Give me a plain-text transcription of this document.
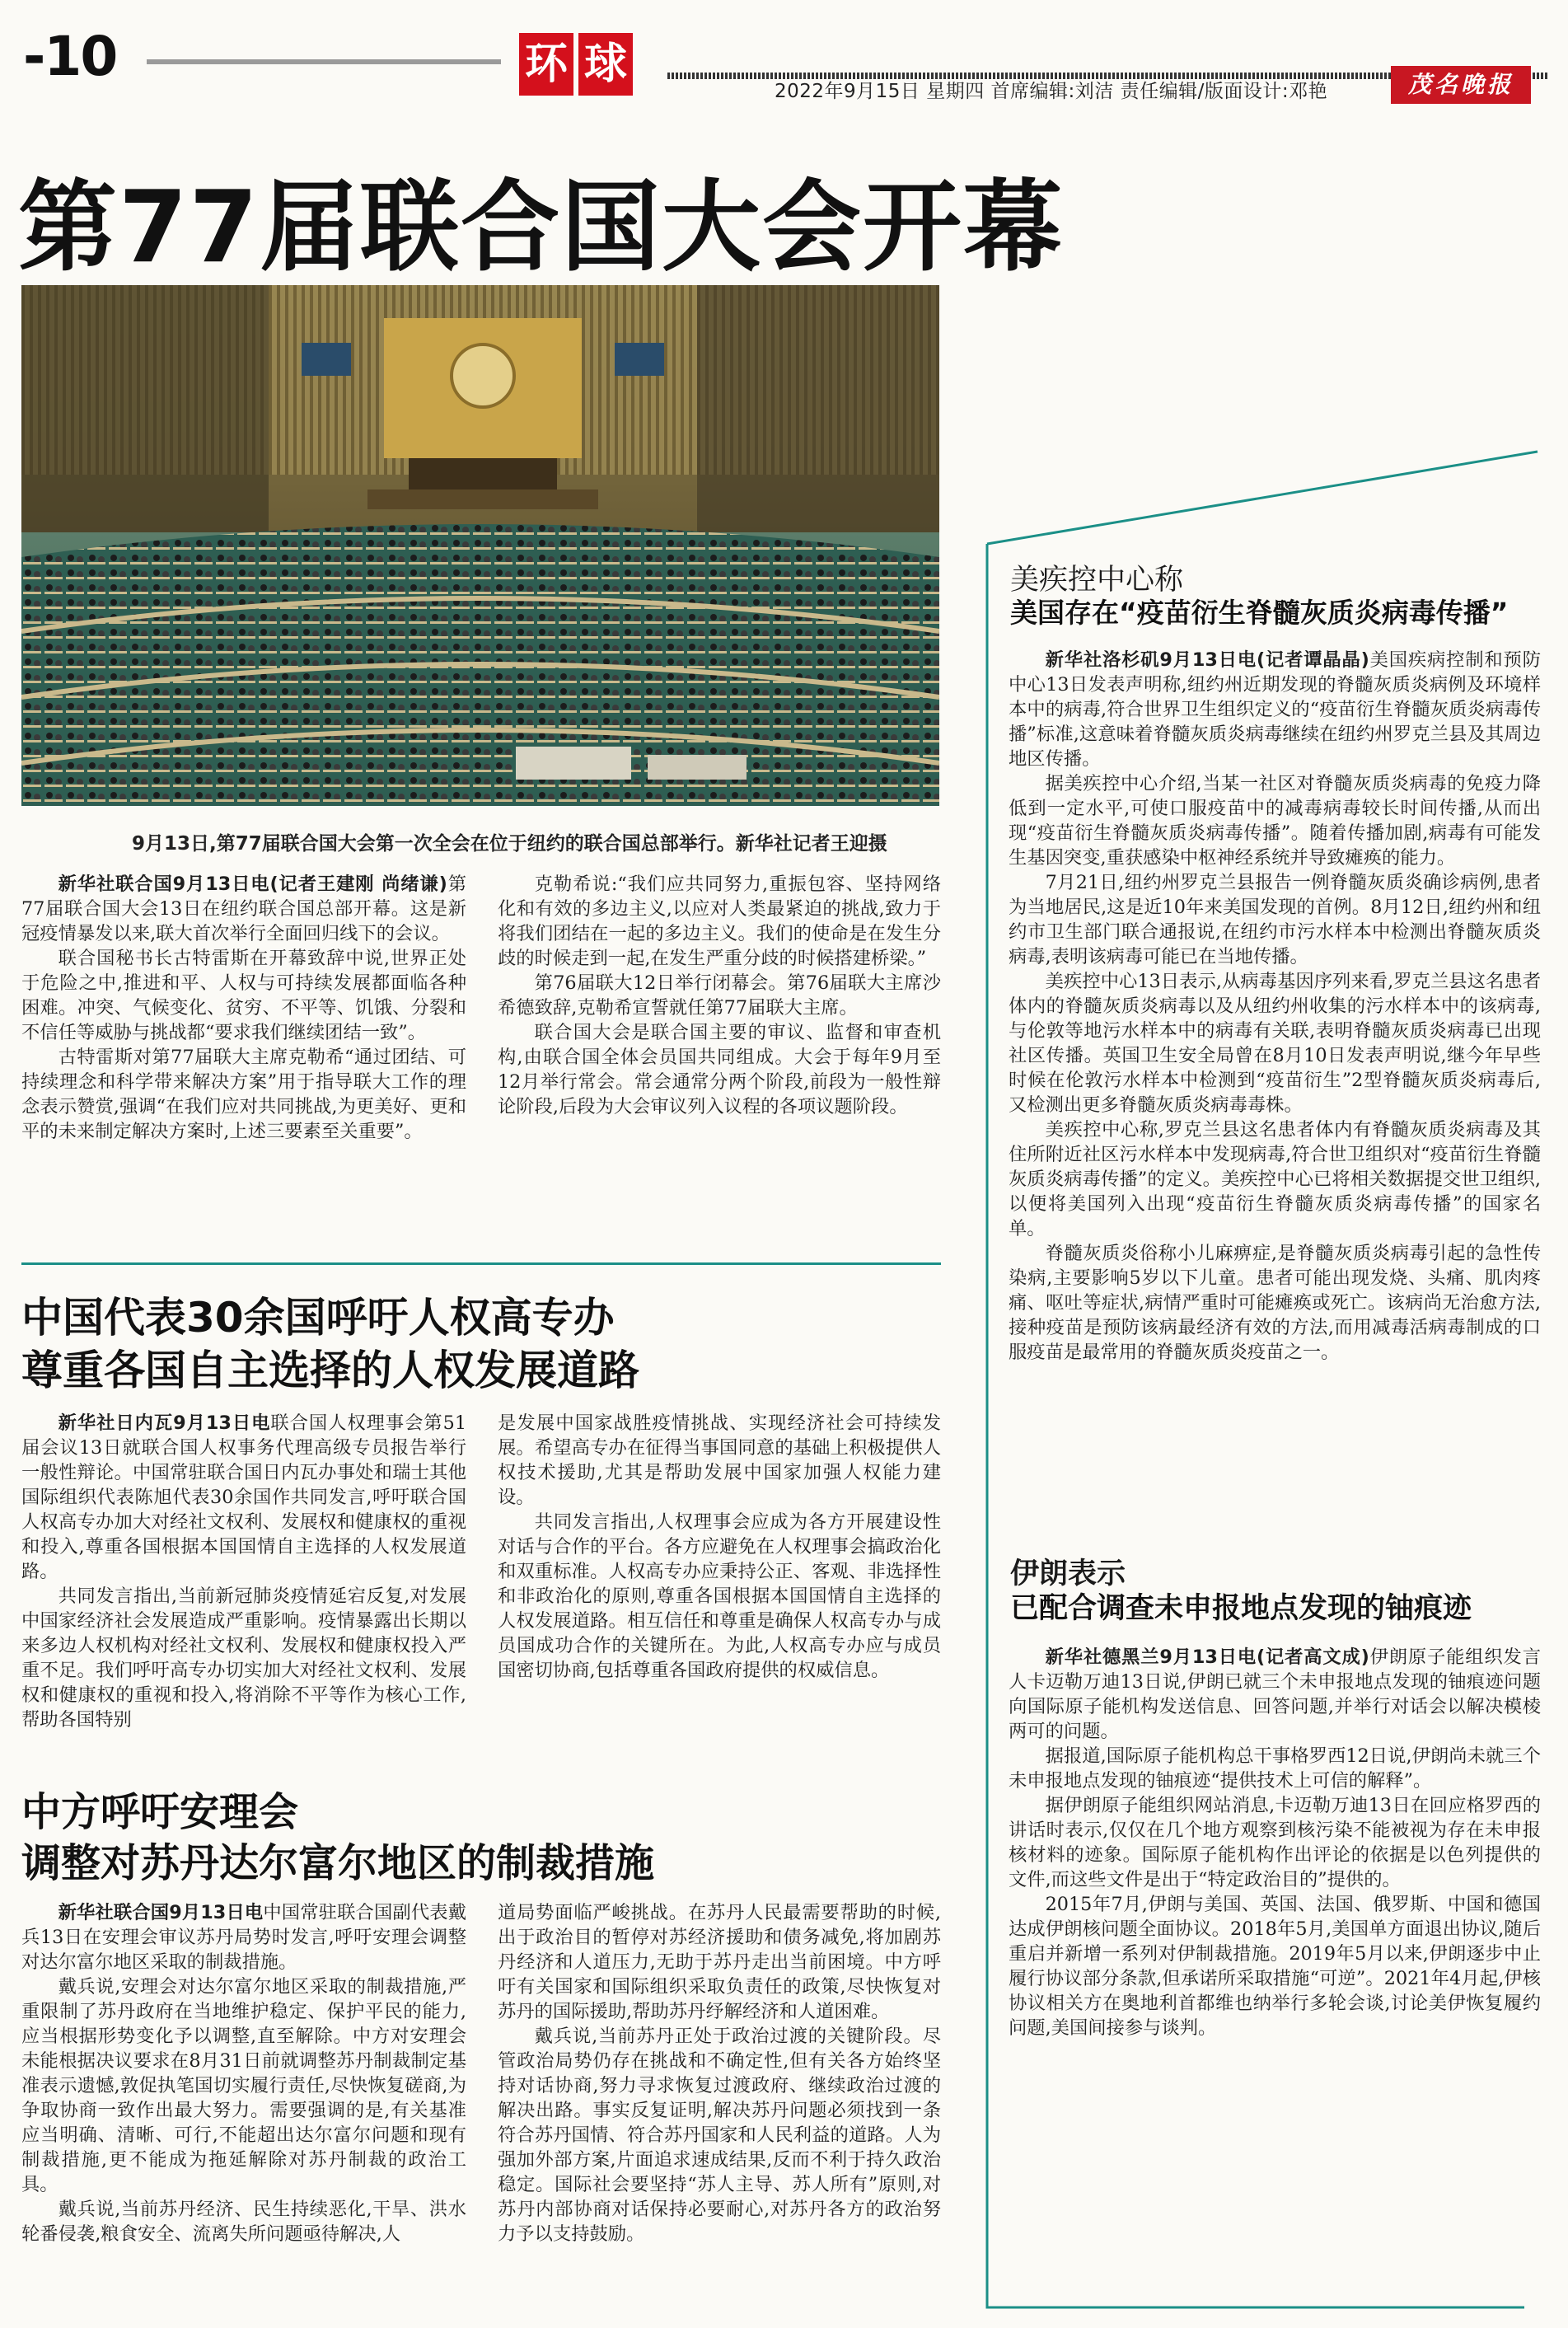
-10	环 球
2022年9月15日 星期四 首席编辑:刘洁 责任编辑/版面设计:邓艳	茂名晚报
第77届联合国大会开幕
9月13日,第77届联合国大会第一次全会在位于纽约的联合国总部举行。新华社记者王迎摄

新华社联合国9月13日电(记者王建刚 尚绪谦)第77届联合国大会13日在纽约联合国总部开幕。这是新冠疫情暴发以来,联大首次举行全面回归线下的会议。

联合国秘书长古特雷斯在开幕致辞中说,世界正处于危险之中,推进和平、人权与可持续发展都面临各种困难。冲突、气候变化、贫穷、不平等、饥饿、分裂和不信任等威胁与挑战都“要求我们继续团结一致”。

古特雷斯对第77届联大主席克勒希“通过团结、可持续理念和科学带来解决方案”用于指导联大工作的理念表示赞赏,强调“在我们应对共同挑战,为更美好、更和平的未来制定解决方案时,上述三要素至关重要”。

克勒希说:“我们应共同努力,重振包容、坚持网络化和有效的多边主义,以应对人类最紧迫的挑战,致力于将我们团结在一起的多边主义。我们的使命是在发生分歧的时候走到一起,在发生严重分歧的时候搭建桥梁。”

第76届联大12日举行闭幕会。第76届联大主席沙希德致辞,克勒希宣誓就任第77届联大主席。

联合国大会是联合国主要的审议、监督和审查机构,由联合国全体会员国共同组成。大会于每年9月至12月举行常会。常会通常分两个阶段,前段为一般性辩论阶段,后段为大会审议列入议程的各项议题阶段。

中国代表30余国呼吁人权高专办
尊重各国自主选择的人权发展道路

新华社日内瓦9月13日电联合国人权理事会第51届会议13日就联合国人权事务代理高级专员报告举行一般性辩论。中国常驻联合国日内瓦办事处和瑞士其他国际组织代表陈旭代表30余国作共同发言,呼吁联合国人权高专办加大对经社文权利、发展权和健康权的重视和投入,尊重各国根据本国国情自主选择的人权发展道路。

共同发言指出,当前新冠肺炎疫情延宕反复,对发展中国家经济社会发展造成严重影响。疫情暴露出长期以来多边人权机构对经社文权利、发展权和健康权投入严重不足。我们呼吁高专办切实加大对经社文权利、发展权和健康权的重视和投入,将消除不平等作为核心工作,帮助各国特别

是发展中国家战胜疫情挑战、实现经济社会可持续发展。希望高专办在征得当事国同意的基础上积极提供人权技术援助,尤其是帮助发展中国家加强人权能力建设。

共同发言指出,人权理事会应成为各方开展建设性对话与合作的平台。各方应避免在人权理事会搞政治化和双重标准。人权高专办应秉持公正、客观、非选择性和非政治化的原则,尊重各国根据本国国情自主选择的人权发展道路。相互信任和尊重是确保人权高专办与成员国成功合作的关键所在。为此,人权高专办应与成员国密切协商,包括尊重各国政府提供的权威信息。

中方呼吁安理会
调整对苏丹达尔富尔地区的制裁措施

新华社联合国9月13日电中国常驻联合国副代表戴兵13日在安理会审议苏丹局势时发言,呼吁安理会调整对达尔富尔地区采取的制裁措施。

戴兵说,安理会对达尔富尔地区采取的制裁措施,严重限制了苏丹政府在当地维护稳定、保护平民的能力,应当根据形势变化予以调整,直至解除。中方对安理会未能根据决议要求在8月31日前就调整苏丹制裁制定基准表示遗憾,敦促执笔国切实履行责任,尽快恢复磋商,为争取协商一致作出最大努力。需要强调的是,有关基准应当明确、清晰、可行,不能超出达尔富尔问题和现有制裁措施,更不能成为拖延解除对苏丹制裁的政治工具。

戴兵说,当前苏丹经济、民生持续恶化,干旱、洪水轮番侵袭,粮食安全、流离失所问题亟待解决,人

道局势面临严峻挑战。在苏丹人民最需要帮助的时候,出于政治目的暂停对苏经济援助和债务减免,将加剧苏丹经济和人道压力,无助于苏丹走出当前困境。中方呼吁有关国家和国际组织采取负责任的政策,尽快恢复对苏丹的国际援助,帮助苏丹纾解经济和人道困难。

戴兵说,当前苏丹正处于政治过渡的关键阶段。尽管政治局势仍存在挑战和不确定性,但有关各方始终坚持对话协商,努力寻求恢复过渡政府、继续政治过渡的解决出路。事实反复证明,解决苏丹问题必须找到一条符合苏丹国情、符合苏丹国家和人民利益的道路。人为强加外部方案,片面追求速成结果,反而不利于持久政治稳定。国际社会要坚持“苏人主导、苏人所有”原则,对苏丹内部协商对话保持必要耐心,对苏丹各方的政治努力予以支持鼓励。

美疾控中心称
美国存在“疫苗衍生脊髓灰质炎病毒传播”

新华社洛杉矶9月13日电(记者谭晶晶)美国疾病控制和预防中心13日发表声明称,纽约州近期发现的脊髓灰质炎病例及环境样本中的病毒,符合世界卫生组织定义的“疫苗衍生脊髓灰质炎病毒传播”标准,这意味着脊髓灰质炎病毒继续在纽约州罗克兰县及其周边地区传播。

据美疾控中心介绍,当某一社区对脊髓灰质炎病毒的免疫力降低到一定水平,可使口服疫苗中的减毒病毒较长时间传播,从而出现“疫苗衍生脊髓灰质炎病毒传播”。随着传播加剧,病毒有可能发生基因突变,重获感染中枢神经系统并导致瘫痪的能力。

7月21日,纽约州罗克兰县报告一例脊髓灰质炎确诊病例,患者为当地居民,这是近10年来美国发现的首例。8月12日,纽约州和纽约市卫生部门联合通报说,在纽约市污水样本中检测出脊髓灰质炎病毒,表明该病毒可能已在当地传播。

美疾控中心13日表示,从病毒基因序列来看,罗克兰县这名患者体内的脊髓灰质炎病毒以及从纽约州收集的污水样本中的该病毒,与伦敦等地污水样本中的病毒有关联,表明脊髓灰质炎病毒已出现社区传播。英国卫生安全局曾在8月10日发表声明说,继今年早些时候在伦敦污水样本中检测到“疫苗衍生”2型脊髓灰质炎病毒后,又检测出更多脊髓灰质炎病毒毒株。

美疾控中心称,罗克兰县这名患者体内有脊髓灰质炎病毒及其住所附近社区污水样本中发现病毒,符合世卫组织对“疫苗衍生脊髓灰质炎病毒传播”的定义。美疾控中心已将相关数据提交世卫组织,以便将美国列入出现“疫苗衍生脊髓灰质炎病毒传播”的国家名单。

脊髓灰质炎俗称小儿麻痹症,是脊髓灰质炎病毒引起的急性传染病,主要影响5岁以下儿童。患者可能出现发烧、头痛、肌肉疼痛、呕吐等症状,病情严重时可能瘫痪或死亡。该病尚无治愈方法,接种疫苗是预防该病最经济有效的方法,而用减毒活病毒制成的口服疫苗是最常用的脊髓灰质炎疫苗之一。

伊朗表示
已配合调查未申报地点发现的铀痕迹

新华社德黑兰9月13日电(记者高文成)伊朗原子能组织发言人卡迈勒万迪13日说,伊朗已就三个未申报地点发现的铀痕迹问题向国际原子能机构发送信息、回答问题,并举行对话会以解决模棱两可的问题。

据报道,国际原子能机构总干事格罗西12日说,伊朗尚未就三个未申报地点发现的铀痕迹“提供技术上可信的解释”。

据伊朗原子能组织网站消息,卡迈勒万迪13日在回应格罗西的讲话时表示,仅仅在几个地方观察到核污染不能被视为存在未申报核材料的迹象。国际原子能机构作出评论的依据是以色列提供的文件,而这些文件是出于“特定政治目的”提供的。

2015年7月,伊朗与美国、英国、法国、俄罗斯、中国和德国达成伊朗核问题全面协议。2018年5月,美国单方面退出协议,随后重启并新增一系列对伊制裁措施。2019年5月以来,伊朗逐步中止履行协议部分条款,但承诺所采取措施“可逆”。2021年4月起,伊核协议相关方在奥地利首都维也纳举行多轮会谈,讨论美伊恢复履约问题,美国间接参与谈判。
